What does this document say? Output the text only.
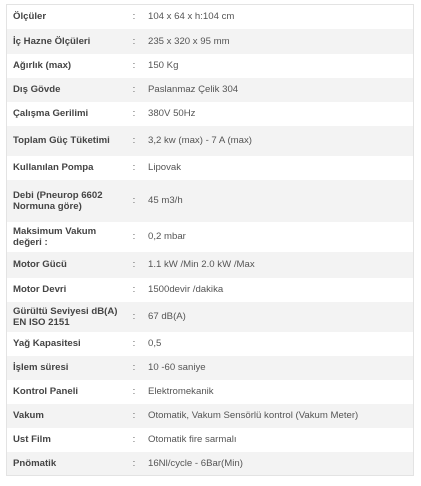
Ölçüler	:	104 x 64 x h:104 cm
İç Hazne Ölçüleri	:	235 x 320 x 95 mm
Ağırlık (max)	:	150 Kg
Dış Gövde	:	Paslanmaz Çelik 304
Çalışma Gerilimi	:	380V 50Hz
Toplam Güç Tüketimi	:	3,2 kw (max) - 7 A (max)
Kullanılan Pompa	:	Lipovak
Debi (Pneurop 6602 Normuna göre)	:	45 m3/h
Maksimum Vakum değeri :	:	0,2 mbar
Motor Gücü	:	1.1 kW /Min 2.0 kW /Max
Motor Devri	:	1500devir /dakika
Gürültü Seviyesi dB(A) EN ISO 2151	:	67 dB(A)
Yağ Kapasitesi	:	0,5
İşlem süresi	:	10 -60 saniye
Kontrol Paneli	:	Elektromekanik
Vakum	:	Otomatik, Vakum Sensörlü kontrol (Vakum Meter)
Ust Film	:	Otomatik fire sarmalı
Pnömatik	:	16Nl/cycle - 6Bar(Min)
